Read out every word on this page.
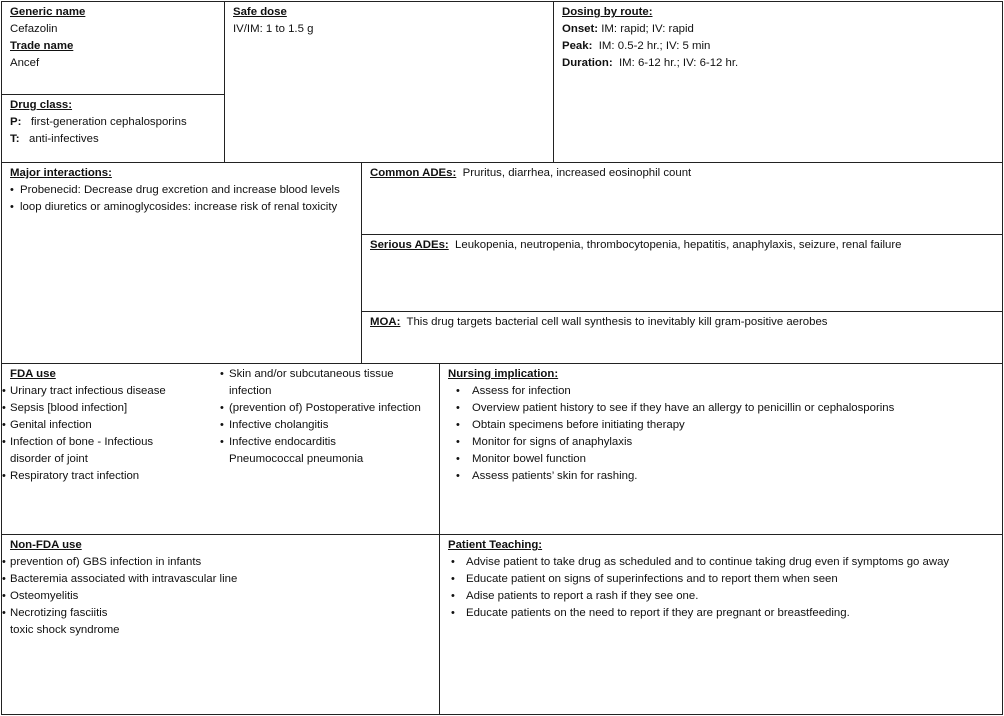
Generic name
Cefazolin
Trade name
Ancef
Drug class:
P: first-generation cephalosporins
T: anti-infectives
Safe dose
IV/IM: 1 to 1.5 g
Dosing by route:
Onset: IM: rapid; IV: rapid
Peak: IM: 0.5-2 hr.; IV: 5 min
Duration: IM: 6-12 hr.; IV: 6-12 hr.
Major interactions:
• Probenecid: Decrease drug excretion and increase blood levels
• loop diuretics or aminoglycosides: increase risk of renal toxicity
Common ADEs: Pruritus, diarrhea, increased eosinophil count
Serious ADEs: Leukopenia, neutropenia, thrombocytopenia, hepatitis, anaphylaxis, seizure, renal failure
MOA: This drug targets bacterial cell wall synthesis to inevitably kill gram-positive aerobes
FDA use
• Urinary tract infectious disease
• Sepsis [blood infection]
• Genital infection
• Infection of bone - Infectious disorder of joint
• Respiratory tract infection
• Skin and/or subcutaneous tissue infection
• (prevention of) Postoperative infection
• Infective cholangitis
• Infective endocarditis
Pneumococcal pneumonia
Nursing implication:
• Assess for infection
• Overview patient history to see if they have an allergy to penicillin or cephalosporins
• Obtain specimens before initiating therapy
• Monitor for signs of anaphylaxis
• Monitor bowel function
• Assess patients’ skin for rashing.
Non-FDA use
• prevention of) GBS infection in infants
• Bacteremia associated with intravascular line
• Osteomyelitis
• Necrotizing fasciitis
toxic shock syndrome
Patient Teaching:
• Advise patient to take drug as scheduled and to continue taking drug even if symptoms go away
• Educate patient on signs of superinfections and to report them when seen
• Adise patients to report a rash if they see one.
• Educate patients on the need to report if they are pregnant or breastfeeding.
